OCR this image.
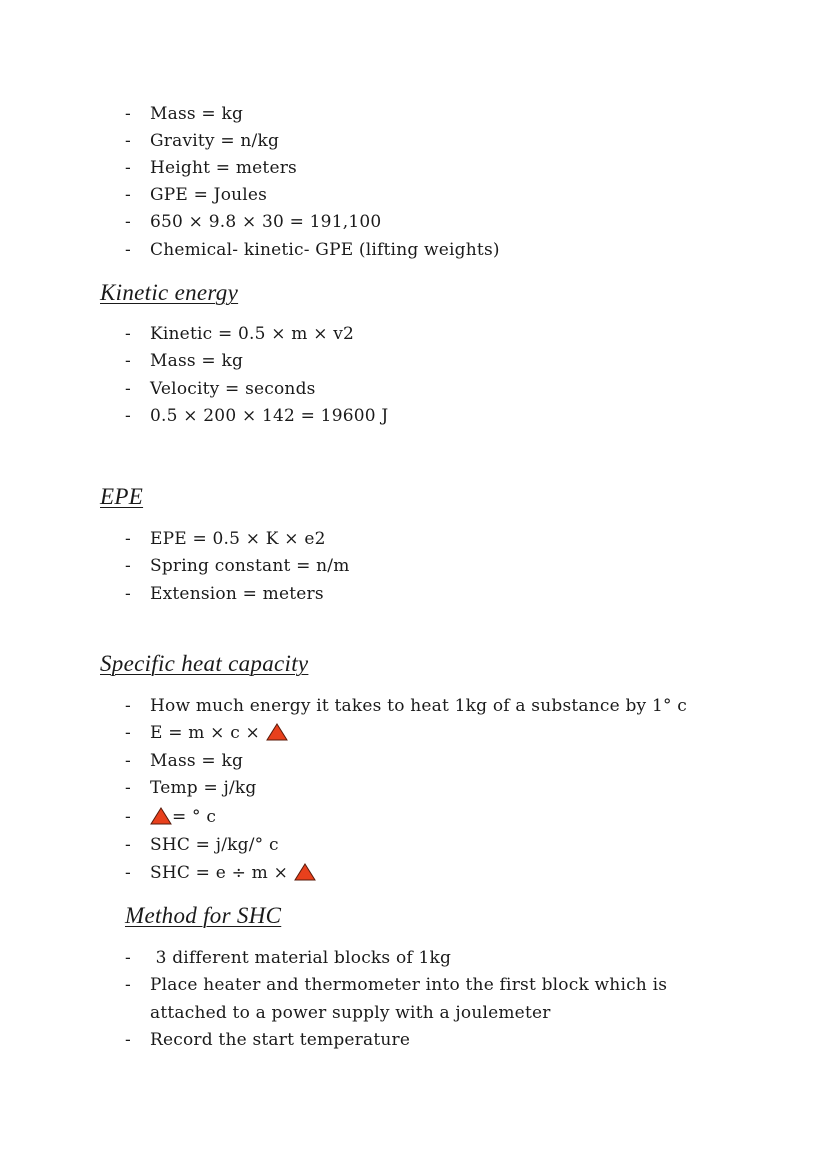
- Mass = kg
- Gravity = n/kg
- Height = meters
- GPE = Joules
- 650 × 9.8 × 30 = 191,100
- Chemical- kinetic- GPE (lifting weights)
Kinetic energy
- Kinetic = 0.5 × m × v2
- Mass = kg
- Velocity = seconds
- 0.5 × 200 × 142 = 19600 J
EPE
- EPE = 0.5 × K × e2
- Spring constant = n/m
- Extension = meters
Specific heat capacity
- How much energy it takes to heat 1kg of a substance by 1° c
- E = m × c ×
- Mass = kg
- Temp = j/kg
- = ° c
- SHC = j/kg/° c
- SHC = e ÷ m ×
Method for SHC
- 3 different material blocks of 1kg
- Place heater and thermometer into the first block which is
attached to a power supply with a joulemeter
- Record the start temperature
